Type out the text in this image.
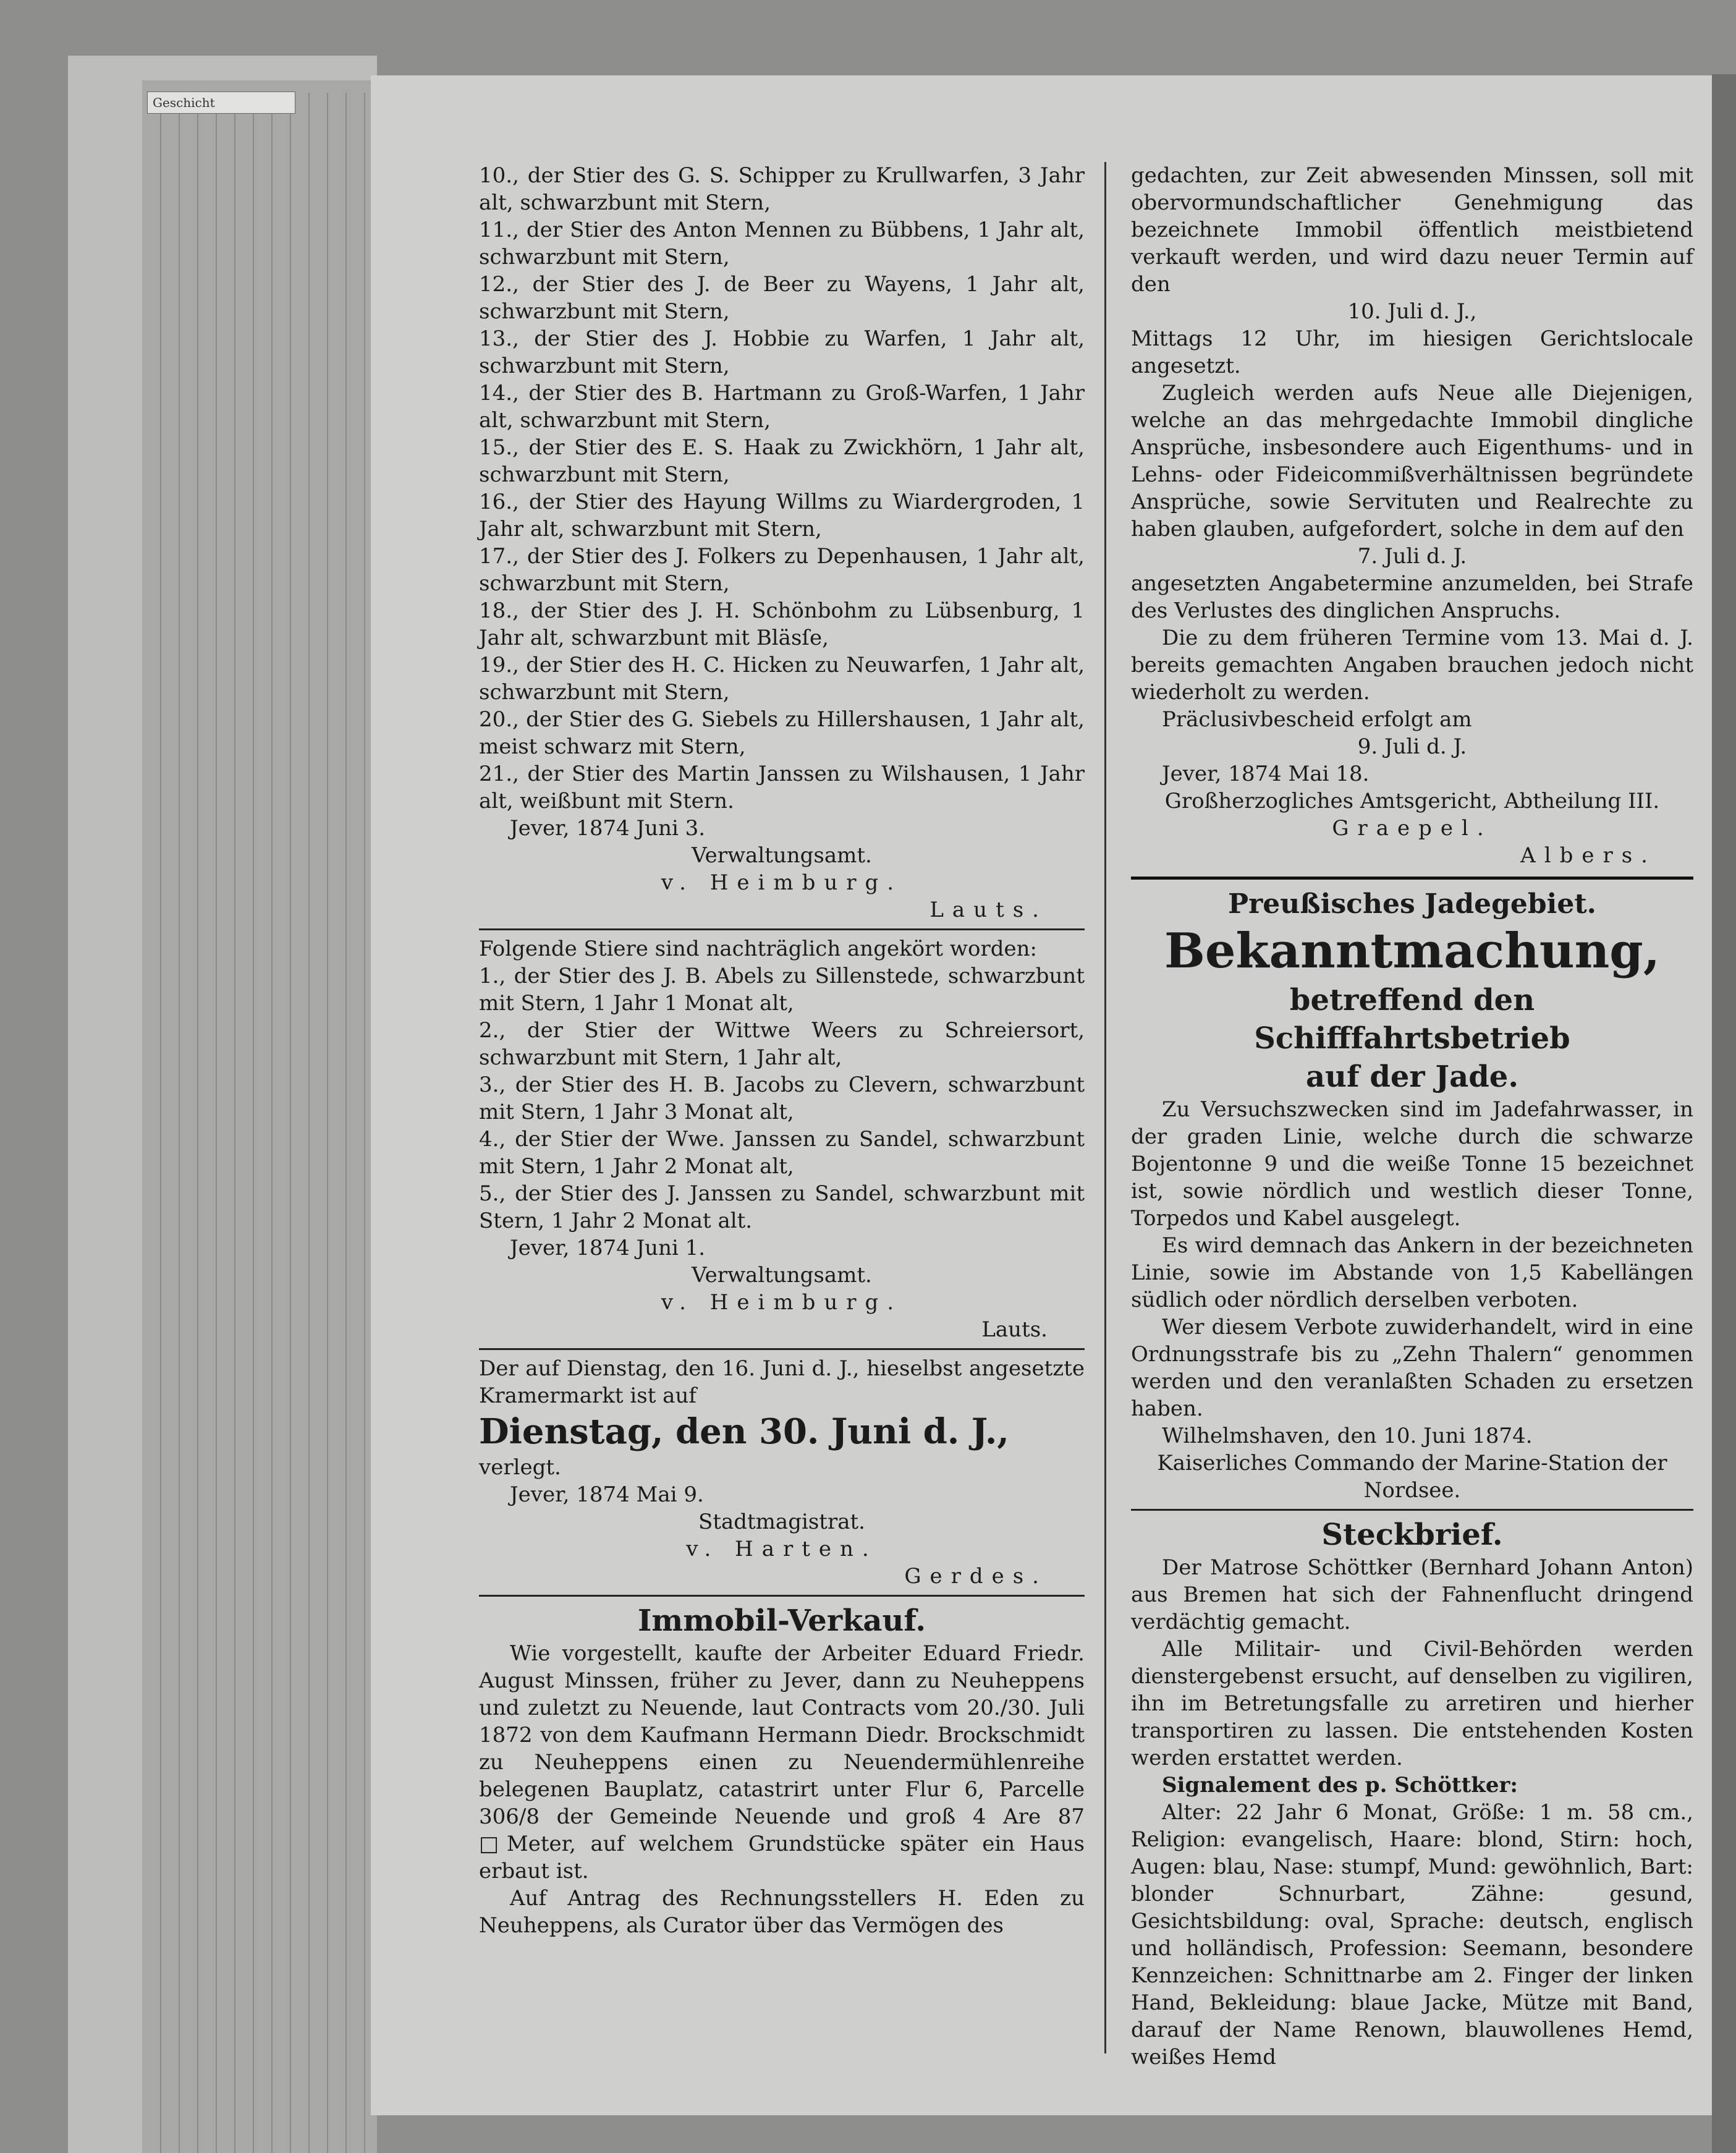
Geschicht

10., der Stier des G. S. Schipper zu Krullwarfen, 3 Jahr alt, schwarzbunt mit Stern,

11., der Stier des Anton Mennen zu Bübbens, 1 Jahr alt, schwarzbunt mit Stern,

12., der Stier des J. de Beer zu Wayens, 1 Jahr alt, schwarzbunt mit Stern,

13., der Stier des J. Hobbie zu Warfen, 1 Jahr alt, schwarzbunt mit Stern,

14., der Stier des B. Hartmann zu Groß-Warfen, 1 Jahr alt, schwarzbunt mit Stern,

15., der Stier des E. S. Haak zu Zwickhörn, 1 Jahr alt, schwarzbunt mit Stern,

16., der Stier des Hayung Willms zu Wiardergroden, 1 Jahr alt, schwarzbunt mit Stern,

17., der Stier des J. Folkers zu Depenhausen, 1 Jahr alt, schwarzbunt mit Stern,

18., der Stier des J. H. Schönbohm zu Lübsenburg, 1 Jahr alt, schwarzbunt mit Bläsſe,

19., der Stier des H. C. Hicken zu Neuwarfen, 1 Jahr alt, schwarzbunt mit Stern,

20., der Stier des G. Siebels zu Hillershausen, 1 Jahr alt, meist schwarz mit Stern,

21., der Stier des Martin Janssen zu Wilshausen, 1 Jahr alt, weißbunt mit Stern.

Jever, 1874 Juni 3.

Verwaltungsamt.

v. Heimburg.

Lauts.

Folgende Stiere sind nachträglich angekört worden:

1., der Stier des J. B. Abels zu Sillenstede, schwarzbunt mit Stern, 1 Jahr 1 Monat alt,

2., der Stier der Wittwe Weers zu Schreiersort, schwarzbunt mit Stern, 1 Jahr alt,

3., der Stier des H. B. Jacobs zu Clevern, schwarzbunt mit Stern, 1 Jahr 3 Monat alt,

4., der Stier der Wwe. Janssen zu Sandel, schwarzbunt mit Stern, 1 Jahr 2 Monat alt,

5., der Stier des J. Janssen zu Sandel, schwarzbunt mit Stern, 1 Jahr 2 Monat alt.

Jever, 1874 Juni 1.

Verwaltungsamt.

v. Heimburg.

Lauts.

Der auf Dienstag, den 16. Juni d. J., hieselbst angesetzte Kramermarkt ist auf

Dienstag, den 30. Juni d. J.,

verlegt.

Jever, 1874 Mai 9.

Stadtmagistrat.

v. Harten.

Gerdes.

Immobil-Verkauf.

Wie vorgestellt, kaufte der Arbeiter Eduard Friedr. August Minssen, früher zu Jever, dann zu Neuheppens und zuletzt zu Neuende, laut Contracts vom 20./30. Juli 1872 von dem Kaufmann Hermann Diedr. Brockschmidt zu Neuheppens einen zu Neuendermühlenreihe belegenen Bauplatz, catastrirt unter Flur 6, Parcelle 306/8 der Gemeinde Neuende und groß 4 Are 87 □Meter, auf welchem Grundstücke später ein Haus erbaut ist.

Auf Antrag des Rechnungsstellers H. Eden zu Neuheppens, als Curator über das Vermögen des

gedachten, zur Zeit abwesenden Minssen, soll mit obervormundschaftlicher Genehmigung das bezeichnete Immobil öffentlich meistbietend verkauft werden, und wird dazu neuer Termin auf den

10. Juli d. J.,

Mittags 12 Uhr, im hiesigen Gerichtslocale angesetzt.

Zugleich werden aufs Neue alle Diejenigen, welche an das mehrgedachte Immobil dingliche Ansprüche, insbesondere auch Eigenthums- und in Lehns- oder Fideicommißverhältnissen begründete Ansprüche, sowie Servituten und Realrechte zu haben glauben, aufgefordert, solche in dem auf den

7. Juli d. J.

angesetzten Angabetermine anzumelden, bei Strafe des Verlustes des dinglichen Anspruchs.

Die zu dem früheren Termine vom 13. Mai d. J. bereits gemachten Angaben brauchen jedoch nicht wiederholt zu werden.

Präclusivbescheid erfolgt am

9. Juli d. J.

Jever, 1874 Mai 18.

Großherzogliches Amtsgericht, Abtheilung III.

Graepel.

Albers.

Preußisches Jadegebiet.

Bekanntmachung,

betreffend den Schifffahrtsbetrieb

auf der Jade.

Zu Versuchszwecken sind im Jadefahrwasser, in der graden Linie, welche durch die schwarze Bojentonne 9 und die weiße Tonne 15 bezeichnet ist, sowie nördlich und westlich dieser Tonne, Torpedos und Kabel ausgelegt.

Es wird demnach das Ankern in der bezeichneten Linie, sowie im Abstande von 1,5 Kabellängen südlich oder nördlich derselben verboten.

Wer diesem Verbote zuwiderhandelt, wird in eine Ordnungsstrafe bis zu „Zehn Thalern“ genommen werden und den veranlaßten Schaden zu ersetzen haben.

Wilhelmshaven, den 10. Juni 1874.

Kaiserliches Commando der Marine-Station der Nordsee.

Steckbrief.

Der Matrose Schöttker (Bernhard Johann Anton) aus Bremen hat sich der Fahnenflucht dringend verdächtig gemacht.

Alle Militair- und Civil-Behörden werden dienstergebenst ersucht, auf denselben zu vigiliren, ihn im Betretungsfalle zu arretiren und hierher transportiren zu lassen. Die entstehenden Kosten werden erstattet werden.

Signalement des p. Schöttker:

Alter: 22 Jahr 6 Monat, Größe: 1 m. 58 cm., Religion: evangelisch, Haare: blond, Stirn: hoch, Augen: blau, Nase: stumpf, Mund: gewöhnlich, Bart: blonder Schnurbart, Zähne: gesund, Gesichtsbildung: oval, Sprache: deutsch, englisch und holländisch, Profession: Seemann, besondere Kennzeichen: Schnittnarbe am 2. Finger der linken Hand, Bekleidung: blaue Jacke, Mütze mit Band, darauf der Name Renown, blauwollenes Hemd, weißes Hemd
